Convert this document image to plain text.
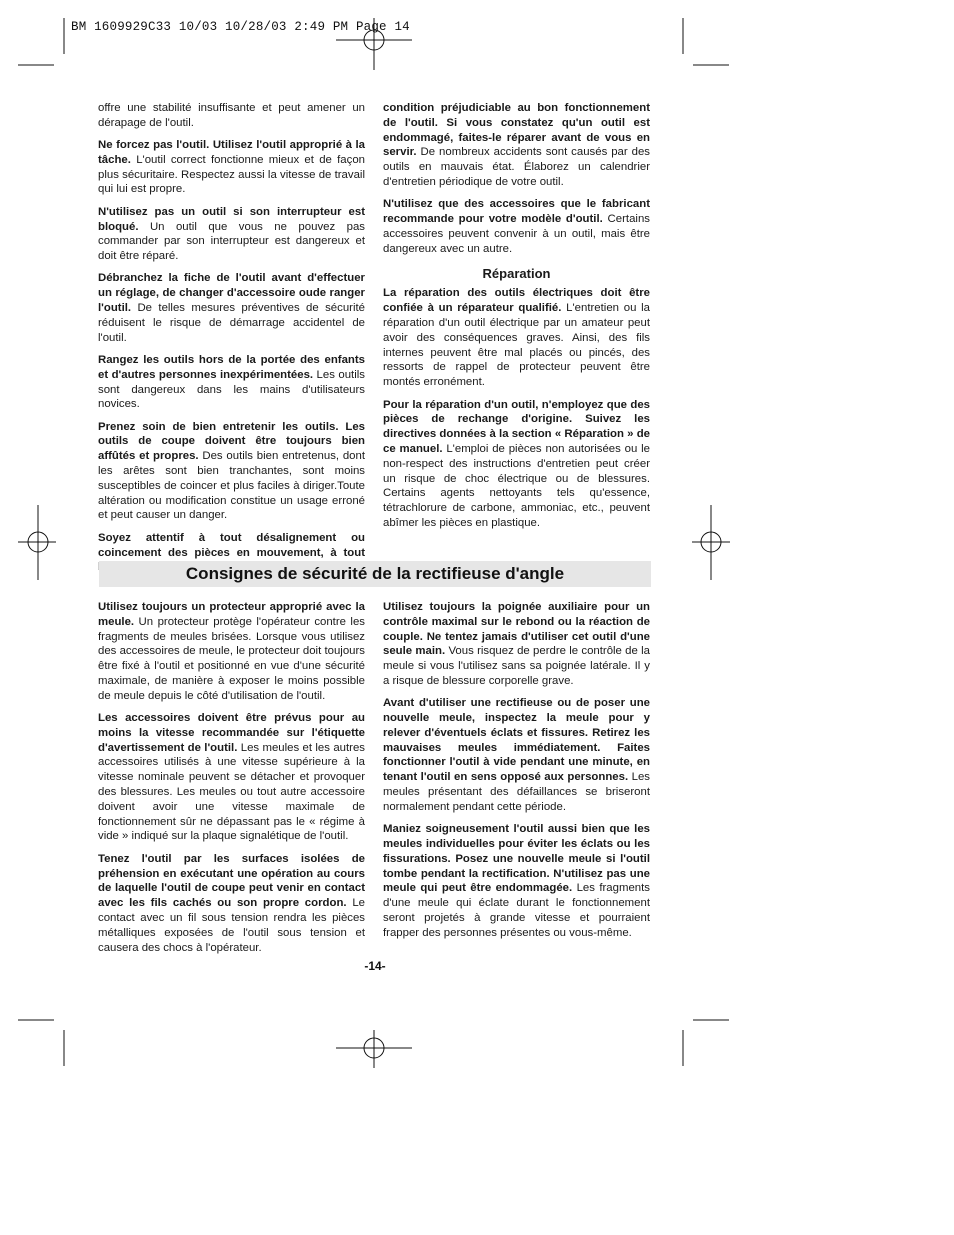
BM 1609929C33 10/03 10/28/03 2:49 PM Page 14

offre une stabilité insuffisante et peut amener un dérapage de l'outil.

Ne forcez pas l'outil. Utilisez l'outil approprié à la tâche. L'outil correct fonctionne mieux et de façon plus sécuritaire. Respectez aussi la vitesse de travail qui lui est propre.

N'utilisez pas un outil si son interrupteur est bloqué. Un outil que vous ne pouvez pas commander par son interrupteur est dangereux et doit être réparé.

Débranchez la fiche de l'outil avant d'effectuer un réglage, de changer d'accessoire oude ranger l'outil. De telles mesures préventives de sécurité réduisent le risque de démarrage accidentel de l'outil.

Rangez les outils hors de la portée des enfants et d'autres personnes inexpérimentées. Les outils sont dangereux dans les mains d'utilisateurs novices.

Prenez soin de bien entretenir les outils. Les outils de coupe doivent être toujours bien affûtés et propres. Des outils bien entretenus, dont les arêtes sont bien tranchantes, sont moins susceptibles de coincer et plus faciles à diriger.Toute altération ou modification constitue un usage erroné et peut causer un danger.

Soyez attentif à tout désalignement ou coincement des pièces en mouvement, à tout

condition préjudiciable au bon fonctionnement de l'outil. Si vous constatez qu'un outil est endommagé, faites-le réparer avant de vous en servir. De nombreux accidents sont causés par des outils en mauvais état. Élaborez un calendrier d'entretien périodique de votre outil.

N'utilisez que des accessoires que le fabricant recommande pour votre modèle d'outil. Certains accessoires peuvent convenir à un outil, mais être dangereux avec un autre.

Réparation

La réparation des outils électriques doit être confiée à un réparateur qualifié. L'entretien ou la réparation d'un outil électrique par un amateur peut avoir des conséquences graves. Ainsi, des fils internes peuvent être mal placés ou pincés, des ressorts de rappel de protecteur peuvent être montés erronément.

Pour la réparation d'un outil, n'employez que des pièces de rechange d'origine. Suivez les directives données à la section « Réparation » de ce manuel. L'emploi de pièces non autorisées ou le non-respect des instructions d'entretien peut créer un risque de choc électrique ou de blessures. Certains agents nettoyants tels qu'essence, tétrachlorure de carbone, ammoniac, etc., peuvent abîmer les pièces en plastique.

Consignes de sécurité de la rectifieuse d'angle

Utilisez toujours un protecteur approprié avec la meule. Un protecteur protège l'opérateur contre les fragments de meules brisées. Lorsque vous utilisez des accessoires de meule, le protecteur doit toujours être fixé à l'outil et positionné en vue d'une sécurité maximale, de manière à exposer le moins possible de meule depuis le côté d'utilisation de l'outil.

Les accessoires doivent être prévus pour au moins la vitesse recommandée sur l'étiquette d'avertissement de l'outil. Les meules et les autres accessoires utilisés à une vitesse supérieure à la vitesse nominale peuvent se détacher et provoquer des blessures. Les meules ou tout autre accessoire doivent avoir une vitesse maximale de fonctionnement sûr ne dépassant pas le « régime à vide » indiqué sur la plaque signalétique de l'outil.

Tenez l'outil par les surfaces isolées de préhension en exécutant une opération au cours de laquelle l'outil de coupe peut venir en contact avec les fils cachés ou son propre cordon. Le contact avec un fil sous tension rendra les pièces métalliques exposées de l'outil sous tension et causera des chocs à l'opérateur.

Utilisez toujours la poignée auxiliaire pour un contrôle maximal sur le rebond ou la réaction de couple. Ne tentez jamais d'utiliser cet outil d'une seule main. Vous risquez de perdre le contrôle de la meule si vous l'utilisez sans sa poignée latérale. Il y a risque de blessure corporelle grave.

Avant d'utiliser une rectifieuse ou de poser une nouvelle meule, inspectez la meule pour y relever d'éventuels éclats et fissures. Retirez les mauvaises meules immédiatement. Faites fonctionner l'outil à vide pendant une minute, en tenant l'outil en sens opposé aux personnes. Les meules présentant des défaillances se briseront normalement pendant cette période.

Maniez soigneusement l'outil aussi bien que les meules individuelles pour éviter les éclats ou les fissurations. Posez une nouvelle meule si l'outil tombe pendant la rectification. N'utilisez pas une meule qui peut être endommagée. Les fragments d'une meule qui éclate durant le fonctionnement seront projetés à grande vitesse et pourraient frapper des personnes présentes ou vous-même.

-14-
